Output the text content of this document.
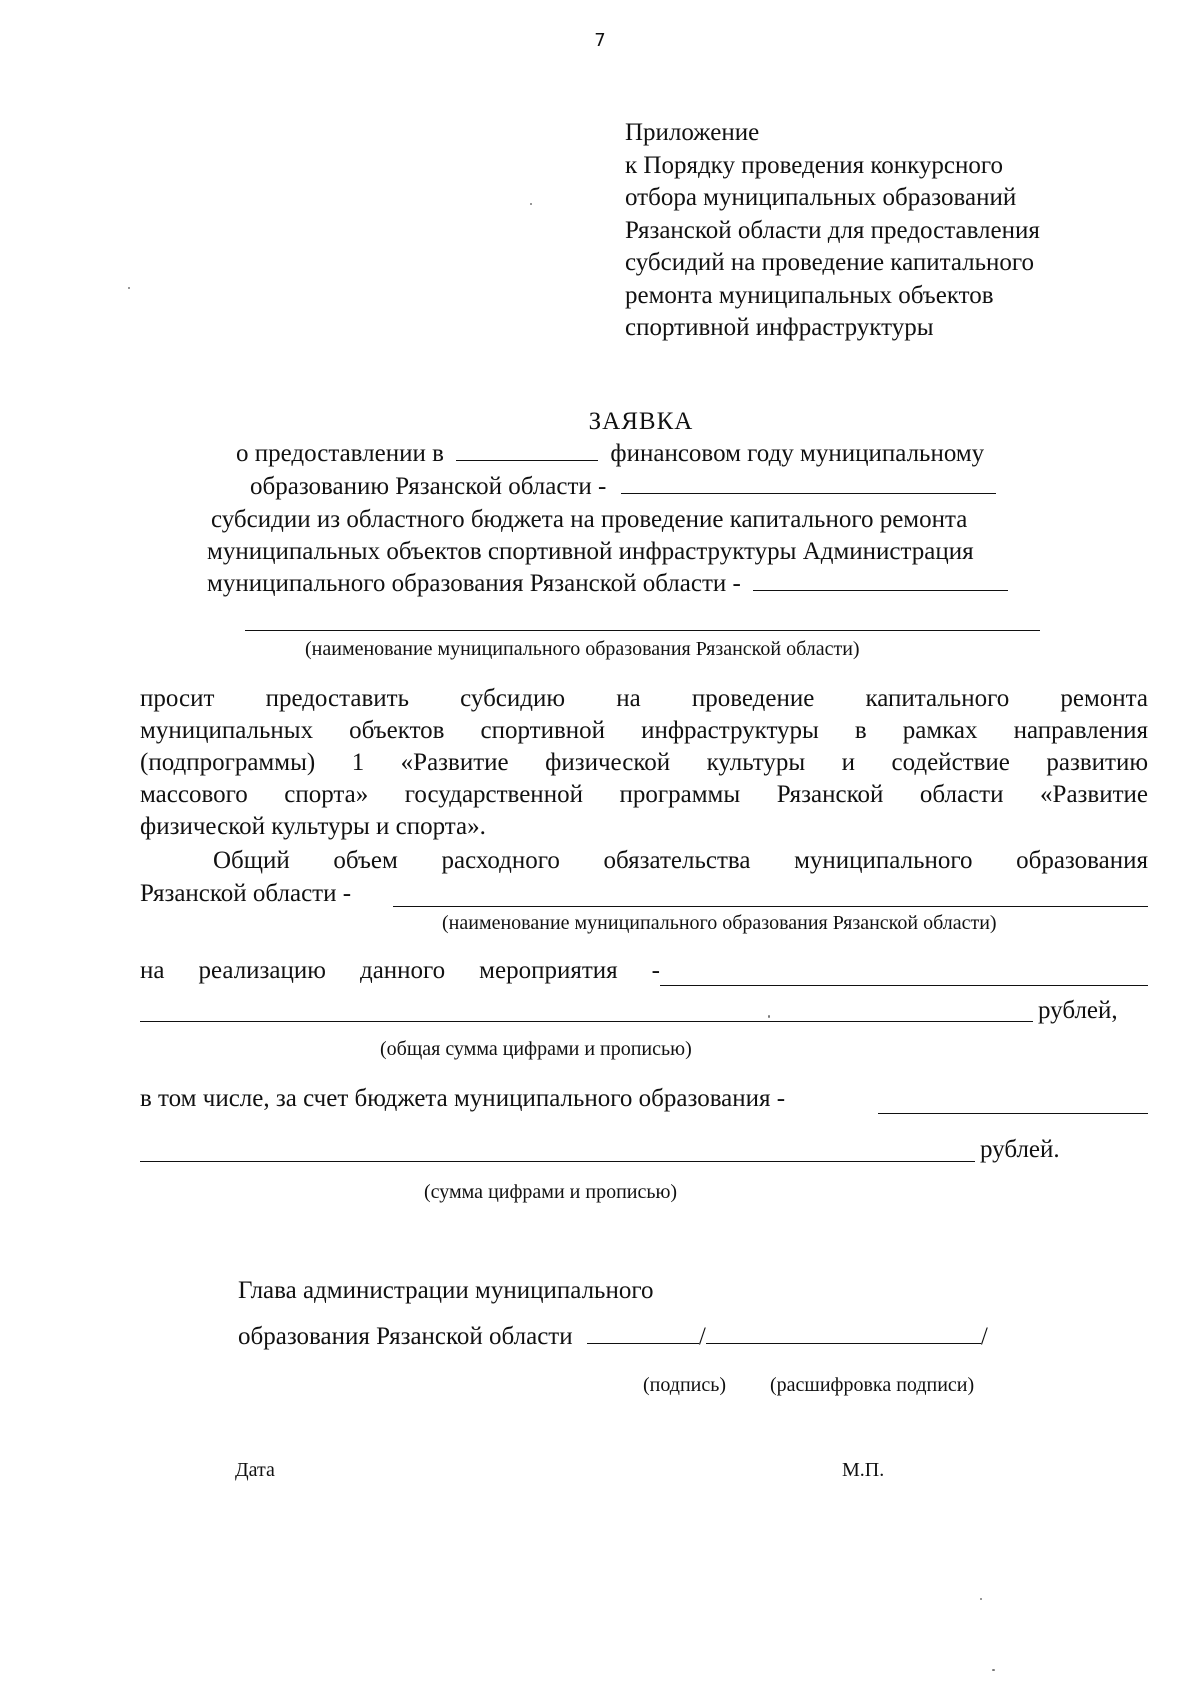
7
Приложение
к Порядку проведения конкурсного
отбора муниципальных образований
Рязанской области для предоставления
субсидий на проведение капитального
ремонта муниципальных объектов
спортивной инфраструктуры
ЗАЯВКА
о предоставлении в	финансовом году муниципальному
образованию Рязанской области -
субсидии из областного бюджета на проведение капитального ремонта
муниципальных объектов спортивной инфраструктуры Администрация
муниципального образования Рязанской области -
(наименование муниципального образования Рязанской области)
просит предоставить субсидию на проведение капитального ремонта
муниципальных объектов спортивной инфраструктуры в рамках направления
(подпрограммы) 1 «Развитие физической культуры и содействие развитию
массового спорта» государственной программы Рязанской области «Развитие
физической культуры и спорта».
Общий объем расходного обязательства муниципального образования
Рязанской области -
(наименование муниципального образования Рязанской области)
на реализацию данного мероприятия -
рублей,
(общая сумма цифрами и прописью)
в том числе, за счет бюджета муниципального образования -
рублей.
(сумма цифрами и прописью)
Глава администрации муниципального
образования Рязанской области	/	/
(подпись) (расшифровка подписи)
Дата	М.П.
